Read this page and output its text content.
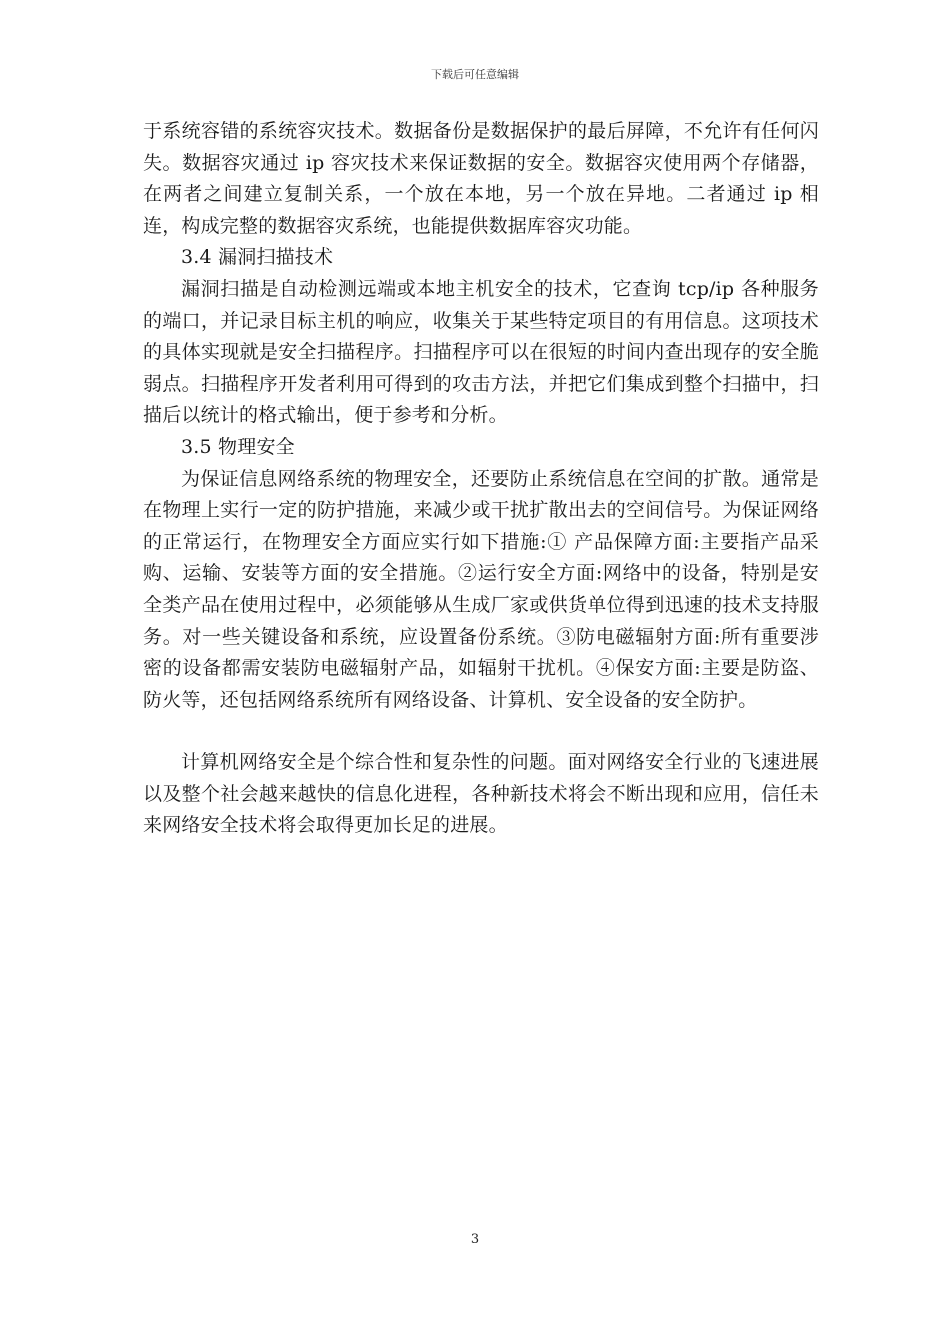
下载后可任意编辑

于系统容错的系统容灾技术。数据备份是数据保护的最后屏障，不允许有任何闪失。数据容灾通过 ip 容灾技术来保证数据的安全。数据容灾使用两个存储器，在两者之间建立复制关系，一个放在本地，另一个放在异地。二者通过 ip 相连，构成完整的数据容灾系统，也能提供数据库容灾功能。

3.4 漏洞扫描技术

漏洞扫描是自动检测远端或本地主机安全的技术，它查询 tcp/ip 各种服务的端口，并记录目标主机的响应，收集关于某些特定项目的有用信息。这项技术的具体实现就是安全扫描程序。扫描程序可以在很短的时间内查出现存的安全脆弱点。扫描程序开发者利用可得到的攻击方法，并把它们集成到整个扫描中，扫描后以统计的格式输出，便于参考和分析。

3.5 物理安全

为保证信息网络系统的物理安全，还要防止系统信息在空间的扩散。通常是在物理上实行一定的防护措施，来减少或干扰扩散出去的空间信号。为保证网络的正常运行，在物理安全方面应实行如下措施:① 产品保障方面:主要指产品采购、运输、安装等方面的安全措施。②运行安全方面:网络中的设备，特别是安全类产品在使用过程中，必须能够从生成厂家或供货单位得到迅速的技术支持服务。对一些关键设备和系统，应设置备份系统。③防电磁辐射方面:所有重要涉密的设备都需安装防电磁辐射产品，如辐射干扰机。④保安方面:主要是防盗、防火等，还包括网络系统所有网络设备、计算机、安全设备的安全防护。

计算机网络安全是个综合性和复杂性的问题。面对网络安全行业的飞速进展以及整个社会越来越快的信息化进程，各种新技术将会不断出现和应用，信任未来网络安全技术将会取得更加长足的进展。

3
